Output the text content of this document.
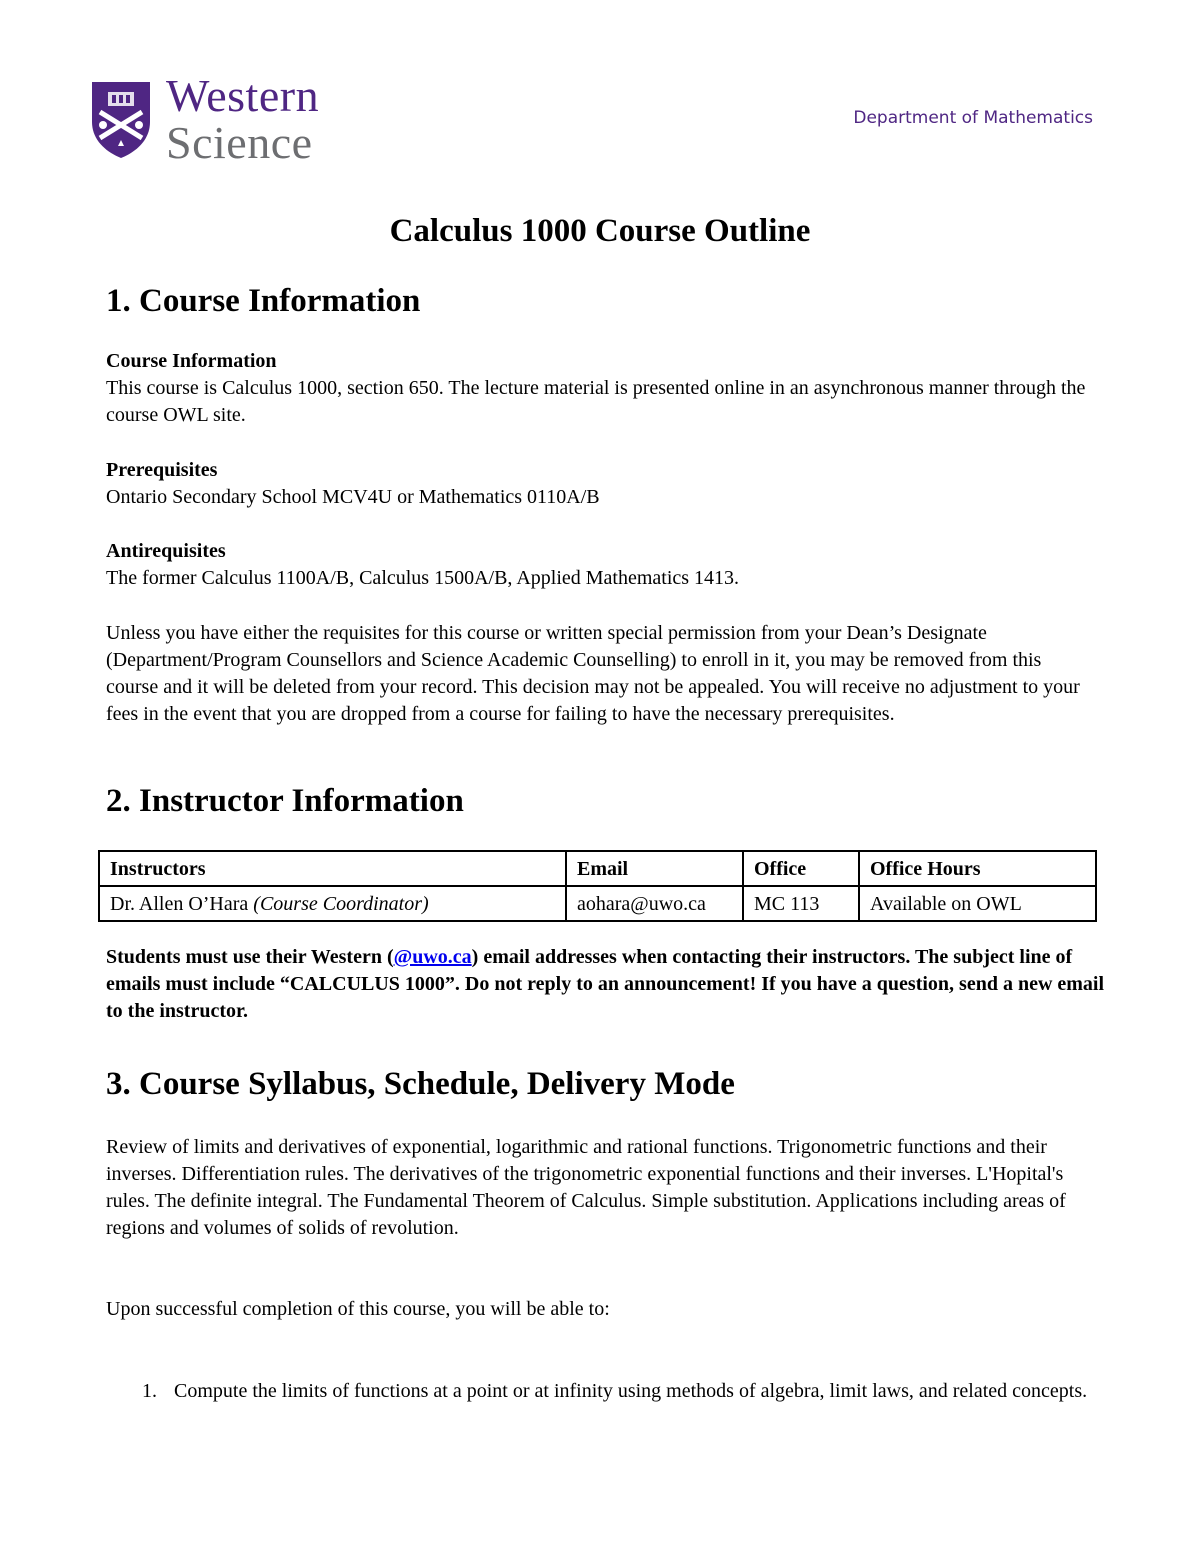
Western
Science	Department of Mathematics
Calculus 1000 Course Outline
1. Course Information

Course Information
This course is Calculus 1000, section 650. The lecture material is presented online in an asynchronous manner through the course OWL site.

Prerequisites
Ontario Secondary School MCV4U or Mathematics 0110A/B

Antirequisites
The former Calculus 1100A/B, Calculus 1500A/B, Applied Mathematics 1413.

Unless you have either the requisites for this course or written special permission from your Dean’s Designate (Department/Program Counsellors and Science Academic Counselling) to enroll in it, you may be removed from this course and it will be deleted from your record. This decision may not be appealed. You will receive no adjustment to your fees in the event that you are dropped from a course for failing to have the necessary prerequisites.

2. Instructor Information
Instructors	Email	Office	Office Hours
Dr. Allen O’Hara (Course Coordinator)	aohara@uwo.ca	MC 113	Available on OWL

Students must use their Western (@uwo.ca) email addresses when contacting their instructors. The subject line of emails must include “CALCULUS 1000”. Do not reply to an announcement! If you have a question, send a new email to the instructor.

3. Course Syllabus, Schedule, Delivery Mode

Review of limits and derivatives of exponential, logarithmic and rational functions. Trigonometric functions and their inverses. Differentiation rules. The derivatives of the trigonometric exponential functions and their inverses. L'Hopital's rules. The definite integral. The Fundamental Theorem of Calculus. Simple substitution. Applications including areas of regions and volumes of solids of revolution.

Upon successful completion of this course, you will be able to:

1. Compute the limits of functions at a point or at infinity using methods of algebra, limit laws, and related concepts.
